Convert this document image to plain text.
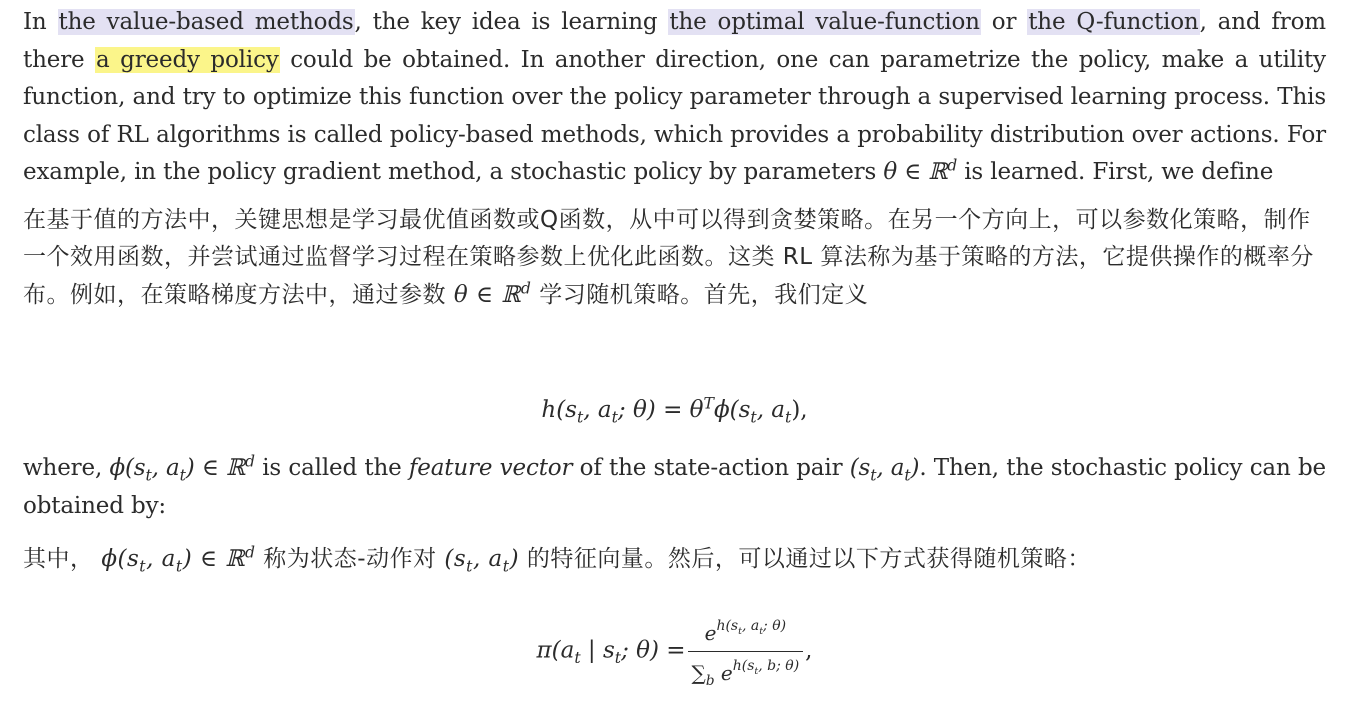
In the value-based methods, the key idea is learning the optimal value-function or the Q-function, and from there a greedy policy could be obtained. In another direction, one can parametrize the policy, make a utility function, and try to optimize this function over the policy parameter through a supervised learning process. This class of RL algorithms is called policy-based methods, which provides a probability distribution over actions. For example, in the policy gradient method, a stochastic policy by parameters θ ∈ ℝ$^d$ is learned. First, we define

在基于值的方法中，关键思想是学习最优值函数或Q函数，从中可以得到贪婪策略。在另一个方向上，可以参数化策略，制作一个效用函数，并尝试通过监督学习过程在策略参数上优化此函数。这类 RL 算法称为基于策略的方法，它提供操作的概率分布。例如，在策略梯度方法中，通过参数 θ ∈ ℝ$^d$ 学习随机策略。首先，我们定义

$h(s_t$, $a_t$; $\theta) = \theta^T\phi(s_t$, $a_t$),

where, $\phi(s_t$, $a_t$) ∈ ℝ$^d$ is called the feature vector of the state-action pair ($s_t$, $a_t$). Then, the stochastic policy can be obtained by:

其中， $\phi(s_t$, $a_t$) ∈ ℝ$^d$ 称为状态-动作对 ($s_t$, $a_t$) 的特征向量。然后，可以通过以下方式获得随机策略：

$\pi(a_t$ | $s_t$; $\theta) = \frac{e^{h(s_t, a_t; \theta)}}{\sum_b e^{h(s_t, b; \theta)}}$ ,
